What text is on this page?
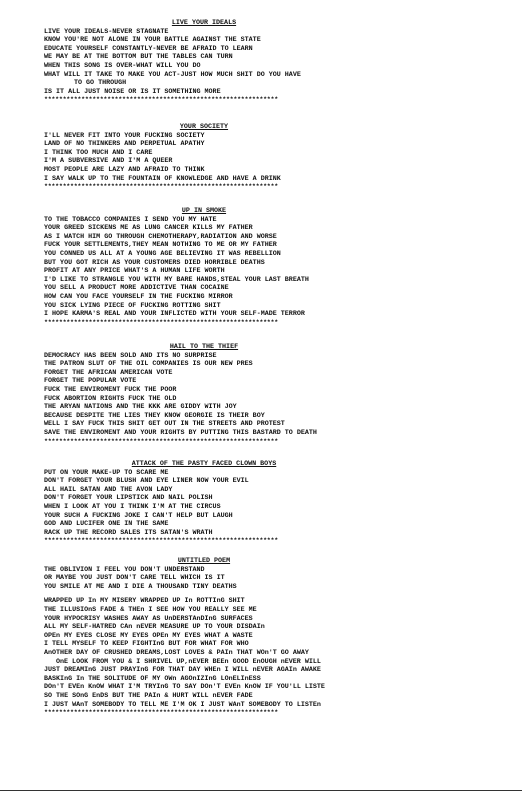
LIVE YOUR IDEALS
LIVE YOUR IDEALS-NEVER STAGNATE
KNOW YOU'RE NOT ALONE IN YOUR BATTLE AGAINST THE STATE
EDUCATE YOURSELF CONSTANTLY-NEVER BE AFRAID TO LEARN
WE MAY BE AT THE BOTTOM BUT THE TABLES CAN TURN
WHEN THIS SONG IS OVER-WHAT WILL YOU DO
WHAT WILL IT TAKE TO MAKE YOU ACT-JUST HOW MUCH SHIT DO YOU HAVE
TO GO THROUGH
IS IT ALL JUST NOISE OR IS IT SOMETHING MORE
***************************************************************
YOUR SOCIETY
I'LL NEVER FIT INTO YOUR FUCKING SOCIETY
LAND OF NO THINKERS AND PERPETUAL APATHY
I THINK TOO MUCH AND I CARE
I'M A SUBVERSIVE AND I'M A QUEER
MOST PEOPLE ARE LAZY AND AFRAID TO THINK
I SAY WALK UP TO THE FOUNTAIN OF KNOWLEDGE AND HAVE A DRINK
***************************************************************
UP IN SMOKE
TO THE TOBACCO COMPANIES I SEND YOU MY HATE
YOUR GREED SICKENS ME AS LUNG CANCER KILLS MY FATHER
AS I WATCH HIM GO THROUGH CHEMOTHERAPY,RADIATION AND WORSE
FUCK YOUR SETTLEMENTS,THEY MEAN NOTHING TO ME OR MY FATHER
YOU CONNED US ALL AT A YOUNG AGE BELIEVING IT WAS REBELLION
BUT YOU GOT RICH AS YOUR CUSTOMERS DIED HORRIBLE DEATHS
PROFIT AT ANY PRICE WHAT'S A HUMAN LIFE WORTH
I'D LIKE TO STRANGLE YOU WITH MY BARE HANDS,STEAL YOUR LAST BREATH
YOU SELL A PRODUCT MORE ADDICTIVE THAN COCAINE
HOW CAN YOU FACE YOURSELF IN THE FUCKING MIRROR
YOU SICK LYING PIECE OF FUCKING ROTTING SHIT
I HOPE KARMA'S REAL AND YOUR INFLICTED WITH YOUR SELF-MADE TERROR
***************************************************************
HAIL TO THE THIEF
DEMOCRACY HAS BEEN SOLD AND ITS NO SURPRISE
THE PATRON SLUT OF THE OIL COMPANIES IS OUR NEW PRES
FORGET THE AFRICAN AMERICAN VOTE
FORGET THE POPULAR VOTE
FUCK THE ENVIROMENT FUCK THE POOR
FUCK ABORTION RIGHTS FUCK THE OLD
THE ARYAN NATIONS AND THE KKK ARE GIDDY WITH JOY
BECAUSE DESPITE THE LIES THEY KNOW GEORGIE IS THEIR BOY
WELL I SAY FUCK THIS SHIT GET OUT IN THE STREETS AND PROTEST
SAVE THE ENVIROMENT AND YOUR RIGHTS BY PUTTING THIS BASTARD TO DEATH
***************************************************************
ATTACK OF THE PASTY FACED CLOWN BOYS
PUT ON YOUR MAKE-UP TO SCARE ME
DON'T FORGET YOUR BLUSH AND EYE LINER NOW YOUR EVIL
ALL HAIL SATAN AND THE AVON LADY
DON'T FORGET YOUR LIPSTICK AND NAIL POLISH
WHEN I LOOK AT YOU I THINK I'M AT THE CIRCUS
YOUR SUCH A FUCKING JOKE I CAN'T HELP BUT LAUGH
GOD AND LUCIFER ONE IN THE SAME
RACK UP THE RECORD SALES ITS SATAN'S WRATH
***************************************************************
UNTITLED POEM
THE OBLIVION I FEEL YOU DON'T UNDERSTAND
OR MAYBE YOU JUST DON'T CARE TELL WHICH IS IT
YOU SMILE AT ME AND I DIE A THOUSAND TINY DEATHS
WRAPPED UP In MY MISERY WRAPPED UP In ROTTInG SHIT
THE ILLUSIOnS FADE & THEn I SEE HOW YOU REALLY SEE ME
YOUR HYPOCRISY WASHES AWAY AS UnDERSTAnDInG SURFACES
ALL MY SELF-HATRED CAn nEVER MEASURE UP TO YOUR DISDAIn
OPEn MY EYES CLOSE MY EYES OPEn MY EYES WHAT A WASTE
I TELL MYSELF TO KEEP FIGHTInG BUT FOR WHAT FOR WHO
AnOTHER DAY OF CRUSHED DREAMS,LOST LOVES & PAIn THAT WOn'T GO AWAY
OnE LOOK FROM YOU & I SHRIVEL UP,nEVER BEEn GOOD EnOUGH nEVER WILL
JUST DREAMInG JUST PRAYInG FOR THAT DAY WHEn I WILL nEVER AGAIn AWAKE
BASKInG In THE SOLITUDE OF MY OWn AGOnIZInG LOnELInESS
DOn'T EVEn KnOW WHAT I'M TRYInG TO SAY DOn'T EVEn KnOW IF YOU'LL LISTE
SO THE SOnG EnDS BUT THE PAIn & HURT WILL nEVER FADE
I JUST WAnT SOMEBODY TO TELL ME I'M OK I JUST WAnT SOMEBODY TO LISTEn
***************************************************************
